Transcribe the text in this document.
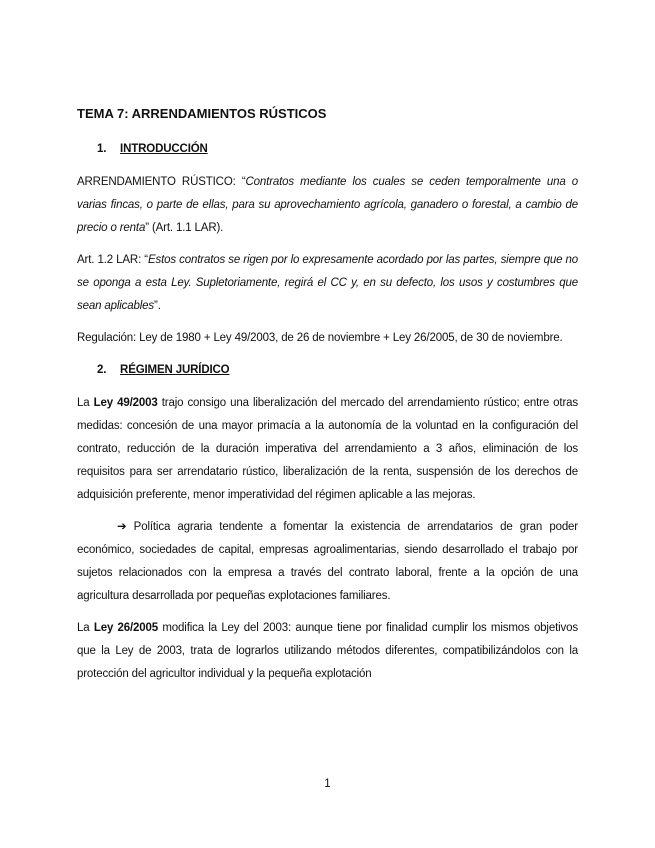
TEMA 7: ARRENDAMIENTOS RÚSTICOS
1. INTRODUCCIÓN

ARRENDAMIENTO RÚSTICO: “Contratos mediante los cuales se ceden temporalmente una o varias fincas, o parte de ellas, para su aprovechamiento agrícola, ganadero o forestal, a cambio de precio o renta” (Art. 1.1 LAR).

Art. 1.2 LAR: “Estos contratos se rigen por lo expresamente acordado por las partes, siempre que no se oponga a esta Ley. Supletoriamente, regirá el CC y, en su defecto, los usos y costumbres que sean aplicables”.

Regulación: Ley de 1980 + Ley 49/2003, de 26 de noviembre + Ley 26/2005, de 30 de noviembre.

2. RÉGIMEN JURÍDICO

La Ley 49/2003 trajo consigo una liberalización del mercado del arrendamiento rústico; entre otras medidas: concesión de una mayor primacía a la autonomía de la voluntad en la configuración del contrato, reducción de la duración imperativa del arrendamiento a 3 años, eliminación de los requisitos para ser arrendatario rústico, liberalización de la renta, suspensión de los derechos de adquisición preferente, menor imperatividad del régimen aplicable a las mejoras.

➔ Política agraria tendente a fomentar la existencia de arrendatarios de gran poder económico, sociedades de capital, empresas agroalimentarias, siendo desarrollado el trabajo por sujetos relacionados con la empresa a través del contrato laboral, frente a la opción de una agricultura desarrollada por pequeñas explotaciones familiares.

La Ley 26/2005 modifica la Ley del 2003: aunque tiene por finalidad cumplir los mismos objetivos que la Ley de 2003, trata de lograrlos utilizando métodos diferentes, compatibilizándolos con la protección del agricultor individual y la pequeña explotación

1
